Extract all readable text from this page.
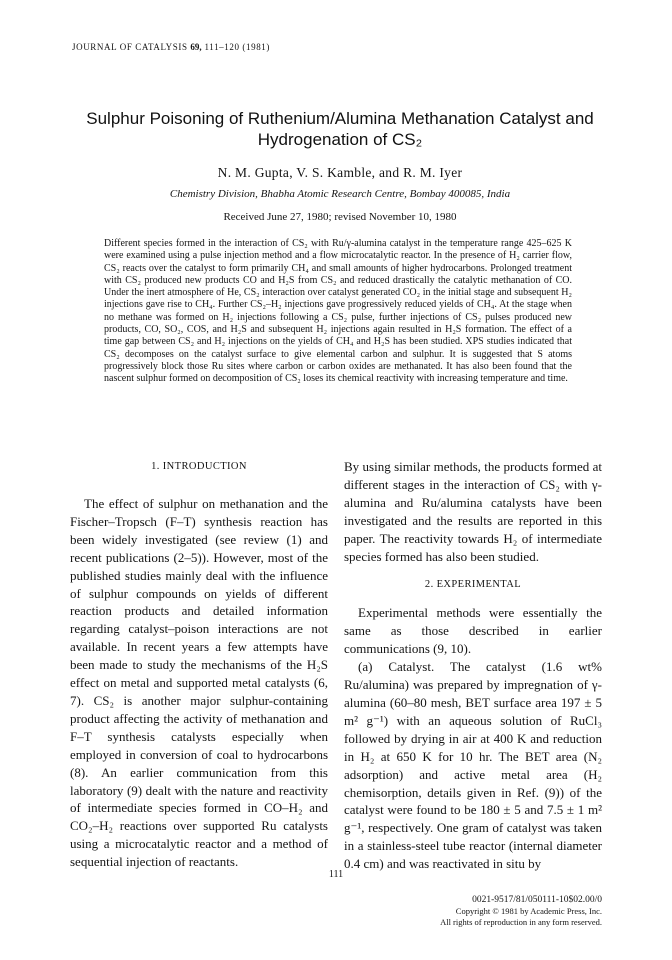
JOURNAL OF CATALYSIS 69, 111–120 (1981)
Sulphur Poisoning of Ruthenium/Alumina Methanation Catalyst and Hydrogenation of CS₂
N. M. Gupta, V. S. Kamble, and R. M. Iyer
Chemistry Division, Bhabha Atomic Research Centre, Bombay 400085, India
Received June 27, 1980; revised November 10, 1980
Different species formed in the interaction of CS₂ with Ru/γ-alumina catalyst in the temperature range 425–625 K were examined using a pulse injection method and a flow microcatalytic reactor. In the presence of H₂ carrier flow, CS₂ reacts over the catalyst to form primarily CH₄ and small amounts of higher hydrocarbons. Prolonged treatment with CS₂ produced new products CO and H₂S from CS₂ and reduced drastically the catalytic methanation of CO. Under the inert atmosphere of He, CS₂ interaction over catalyst generated CO₂ in the initial stage and subsequent H₂ injections gave rise to CH₄. Further CS₂–H₂ injections gave progressively reduced yields of CH₄. At the stage when no methane was formed on H₂ injections following a CS₂ pulse, further injections of CS₂ pulses produced new products, CO, SO₂, COS, and H₂S and subsequent H₂ injections again resulted in H₂S formation. The effect of a time gap between CS₂ and H₂ injections on the yields of CH₄ and H₂S has been studied. XPS studies indicated that CS₂ decomposes on the catalyst surface to give elemental carbon and sulphur. It is suggested that S atoms progressively block those Ru sites where carbon or carbon oxides are methanated. It has also been found that the nascent sulphur formed on decomposition of CS₂ loses its chemical reactivity with increasing temperature and time.
1. INTRODUCTION

The effect of sulphur on methanation and the Fischer–Tropsch (F–T) synthesis reaction has been widely investigated (see review (1) and recent publications (2–5)). However, most of the published studies mainly deal with the influence of sulphur compounds on yields of different reaction products and detailed information regarding catalyst–poison interactions are not available. In recent years a few attempts have been made to study the mechanisms of the H₂S effect on metal and supported metal catalysts (6, 7). CS₂ is another major sulphur-containing product affecting the activity of methanation and F–T synthesis catalysts especially when employed in conversion of coal to hydrocarbons (8). An earlier communication from this laboratory (9) dealt with the nature and reactivity of intermediate species formed in CO–H₂ and CO₂–H₂ reactions over supported Ru catalysts using a microcatalytic reactor and a method of sequential injection of reactants.

By using similar methods, the products formed at different stages in the interaction of CS₂ with γ-alumina and Ru/alumina catalysts have been investigated and the results are reported in this paper. The reactivity towards H₂ of intermediate species formed has also been studied.

2. EXPERIMENTAL

Experimental methods were essentially the same as those described in earlier communications (9, 10).

(a) Catalyst. The catalyst (1.6 wt% Ru/alumina) was prepared by impregnation of γ-alumina (60–80 mesh, BET surface area 197 ± 5 m² g⁻¹) with an aqueous solution of RuCl₃ followed by drying in air at 400 K and reduction in H₂ at 650 K for 10 hr. The BET area (N₂ adsorption) and active metal area (H₂ chemisorption, details given in Ref. (9)) of the catalyst were found to be 180 ± 5 and 7.5 ± 1 m² g⁻¹, respectively. One gram of catalyst was taken in a stainless-steel tube reactor (internal diameter 0.4 cm) and was reactivated in situ by

111
0021-9517/81/050111-10$02.00/0
Copyright © 1981 by Academic Press, Inc.
All rights of reproduction in any form reserved.
